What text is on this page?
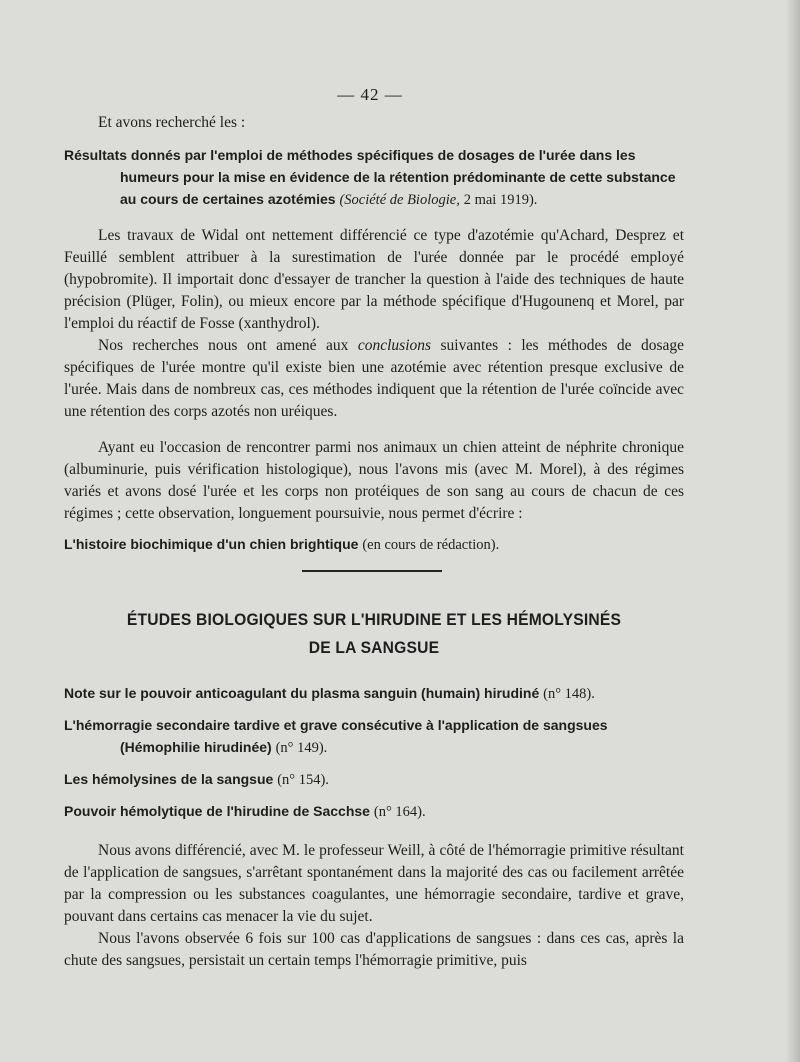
— 42 —

Et avons recherché les :

Résultats donnés par l'emploi de méthodes spécifiques de dosages de l'urée dans les humeurs pour la mise en évidence de la rétention prédominante de cette substance au cours de certaines azotémies (Société de Biologie, 2 mai 1919).

Les travaux de Widal ont nettement différencié ce type d'azotémie qu'Achard, Desprez et Feuillé semblent attribuer à la surestimation de l'urée donnée par le procédé employé (hypobromite). Il importait donc d'essayer de trancher la question à l'aide des techniques de haute précision (Plüger, Folin), ou mieux encore par la méthode spécifique d'Hugounenq et Morel, par l'emploi du réactif de Fosse (xanthydrol).

Nos recherches nous ont amené aux conclusions suivantes : les méthodes de dosage spécifiques de l'urée montre qu'il existe bien une azotémie avec rétention presque exclusive de l'urée. Mais dans de nombreux cas, ces méthodes indiquent que la rétention de l'urée coïncide avec une rétention des corps azotés non uréiques.

Ayant eu l'occasion de rencontrer parmi nos animaux un chien atteint de néphrite chronique (albuminurie, puis vérification histologique), nous l'avons mis (avec M. Morel), à des régimes variés et avons dosé l'urée et les corps non protéiques de son sang au cours de chacun de ces régimes ; cette observation, longuement poursuivie, nous permet d'écrire :

L'histoire biochimique d'un chien brightique (en cours de rédaction).
ÉTUDES BIOLOGIQUES SUR L'HIRUDINE ET LES HÉMOLYSINÉS
DE LA SANGSUE
Note sur le pouvoir anticoagulant du plasma sanguin (humain) hirudiné (n° 148).
L'hémorragie secondaire tardive et grave consécutive à l'application de sangsues (Hémophilie hirudinée) (n° 149).
Les hémolysines de la sangsue (n° 154).
Pouvoir hémolytique de l'hirudine de Sacchse (n° 164).

Nous avons différencié, avec M. le professeur Weill, à côté de l'hémorragie primitive résultant de l'application de sangsues, s'arrêtant spontanément dans la majorité des cas ou facilement arrêtée par la compression ou les substances coagulantes, une hémorragie secondaire, tardive et grave, pouvant dans certains cas menacer la vie du sujet.

Nous l'avons observée 6 fois sur 100 cas d'applications de sangsues : dans ces cas, après la chute des sangsues, persistait un certain temps l'hémorragie primitive, puis
